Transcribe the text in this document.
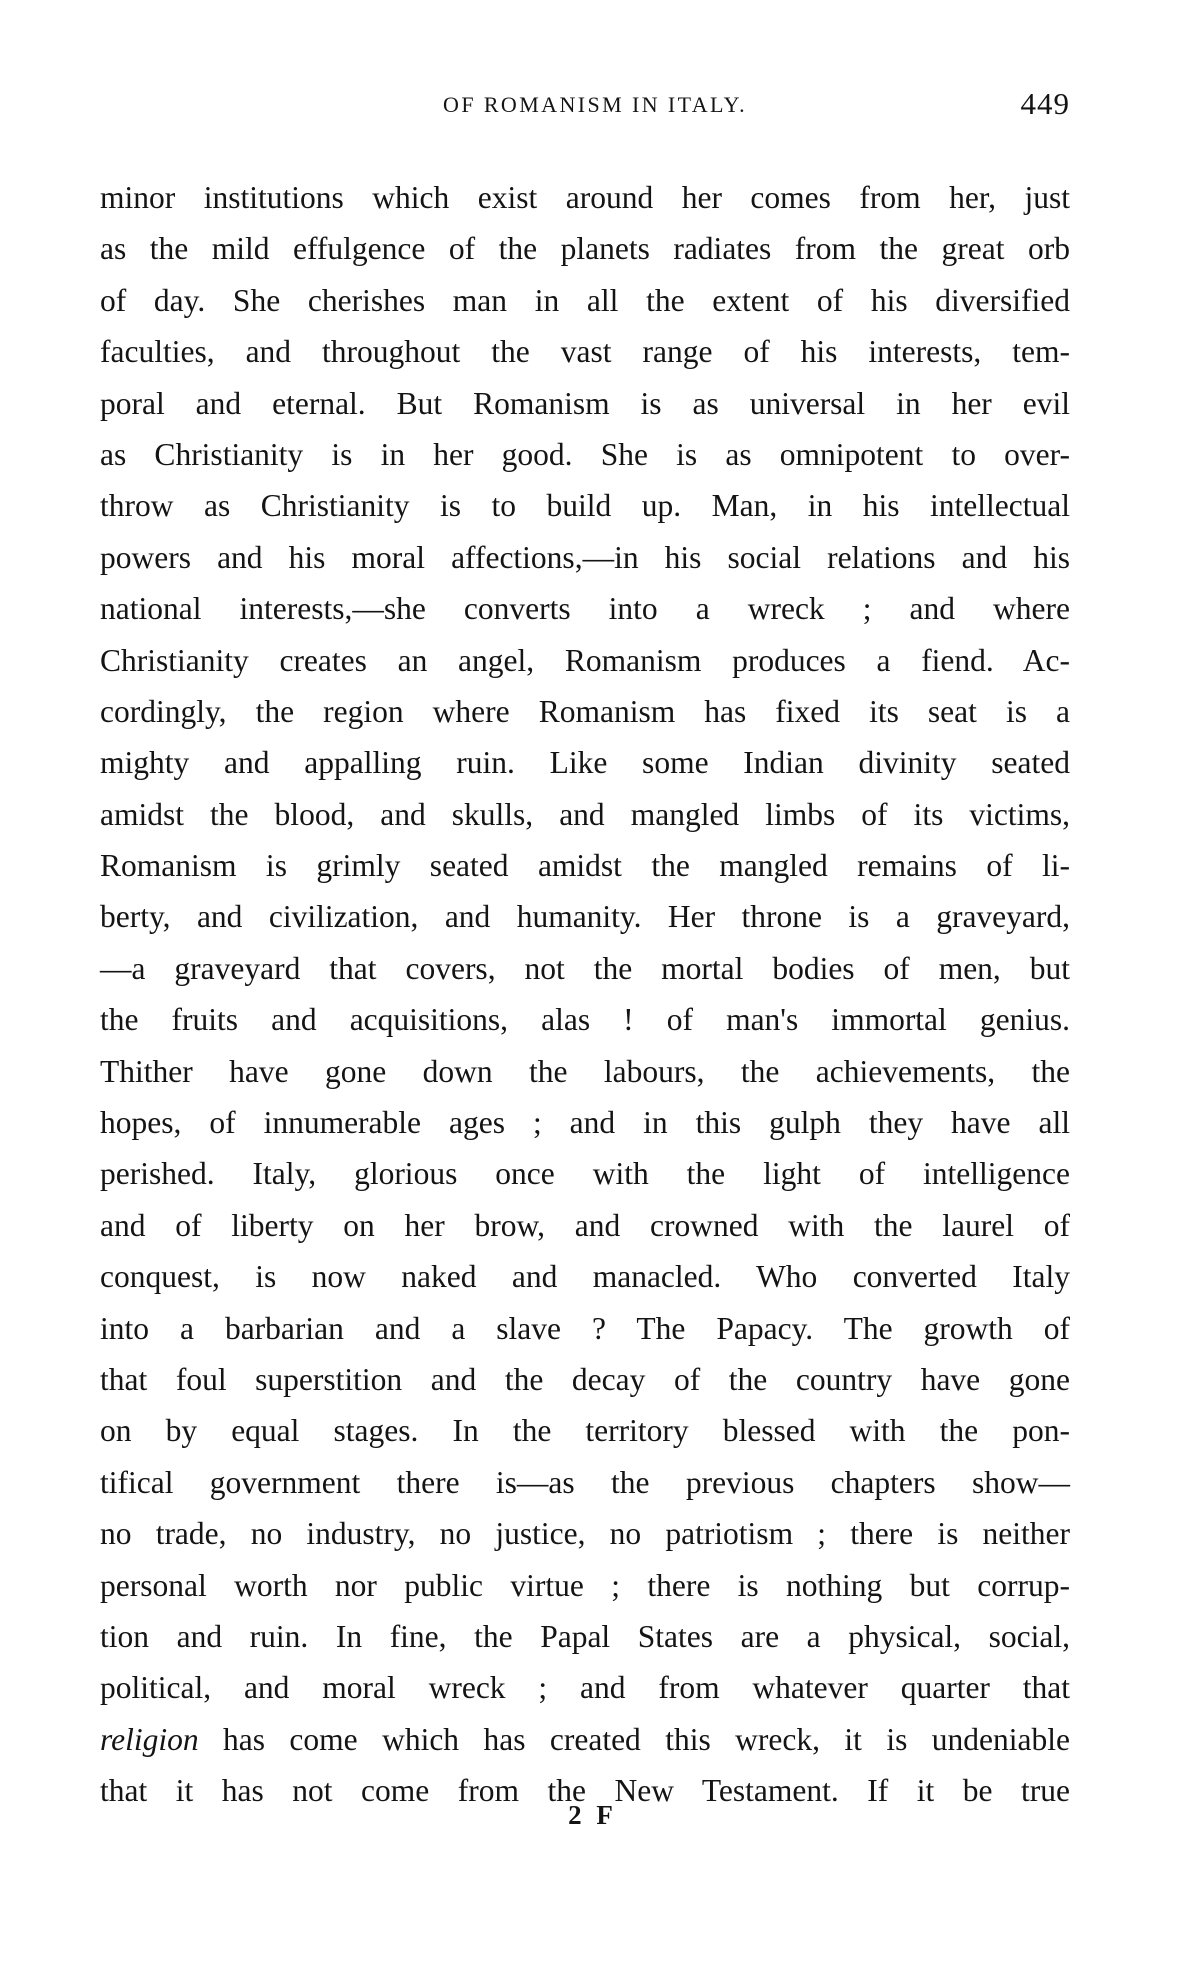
OF ROMANISM IN ITALY.	449
minor institutions which exist around her comes from her, just
as the mild effulgence of the planets radiates from the great orb
of day. She cherishes man in all the extent of his diversified
faculties, and throughout the vast range of his interests, tem-
poral and eternal. But Romanism is as universal in her evil
as Christianity is in her good. She is as omnipotent to over-
throw as Christianity is to build up. Man, in his intellectual
powers and his moral affections,—in his social relations and his
national interests,—she converts into a wreck ; and where
Christianity creates an angel, Romanism produces a fiend. Ac-
cordingly, the region where Romanism has fixed its seat is a
mighty and appalling ruin. Like some Indian divinity seated
amidst the blood, and skulls, and mangled limbs of its victims,
Romanism is grimly seated amidst the mangled remains of li-
berty, and civilization, and humanity. Her throne is a graveyard,
—a graveyard that covers, not the mortal bodies of men, but
the fruits and acquisitions, alas ! of man's immortal genius.
Thither have gone down the labours, the achievements, the
hopes, of innumerable ages ; and in this gulph they have all
perished. Italy, glorious once with the light of intelligence
and of liberty on her brow, and crowned with the laurel of
conquest, is now naked and manacled. Who converted Italy
into a barbarian and a slave ? The Papacy. The growth of
that foul superstition and the decay of the country have gone
on by equal stages. In the territory blessed with the pon-
tifical government there is—as the previous chapters show—
no trade, no industry, no justice, no patriotism ; there is neither
personal worth nor public virtue ; there is nothing but corrup-
tion and ruin. In fine, the Papal States are a physical, social,
political, and moral wreck ; and from whatever quarter that
religion has come which has created this wreck, it is undeniable
that it has not come from the New Testament. If it be true
2 F
